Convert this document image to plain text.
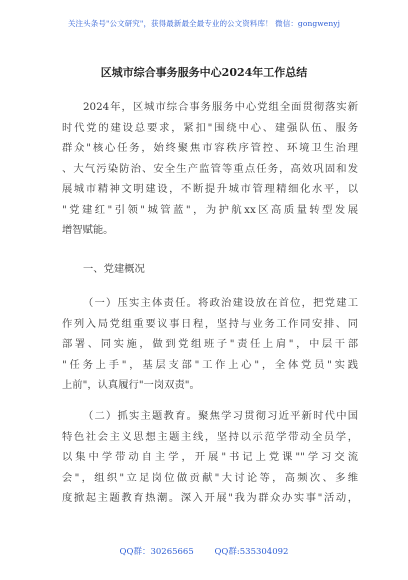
关注头条号"公文研究"，获得最新最全最专业的公文资料库！ 微信：gongwenyj
区城市综合事务服务中心2024年工作总结
2024年，区城市综合事务服务中心党组全面贯彻落实新
时代党的建设总要求，紧扣"围绕中心、建强队伍、服务
群众"核心任务，始终聚焦市容秩序管控、环境卫生治理
、大气污染防治、安全生产监管等重点任务，高效巩固和发
展城市精神文明建设，不断提升城市管理精细化水平，以
"党建红"引领"城管蓝"，为护航xx区高质量转型发展
增智赋能。
一、党建概况
（一）压实主体责任。将政治建设放在首位，把党建工
作列入局党组重要议事日程，坚持与业务工作同安排、同
部署、同实施，做到党组班子"责任上肩"，中层干部
"任务上手"，基层支部"工作上心"，全体党员"实践
上前"，认真履行"一岗双责"。
（二）抓实主题教育。聚焦学习贯彻习近平新时代中国
特色社会主义思想主题主线，坚持以示范学带动全员学，
以集中学带动自主学，开展"书记上党课""学习交流
会"，组织"立足岗位做贡献"大讨论等，高频次、多维
度掀起主题教育热潮。深入开展"我为群众办实事"活动，
QQ群：30265665 QQ群:535304092
